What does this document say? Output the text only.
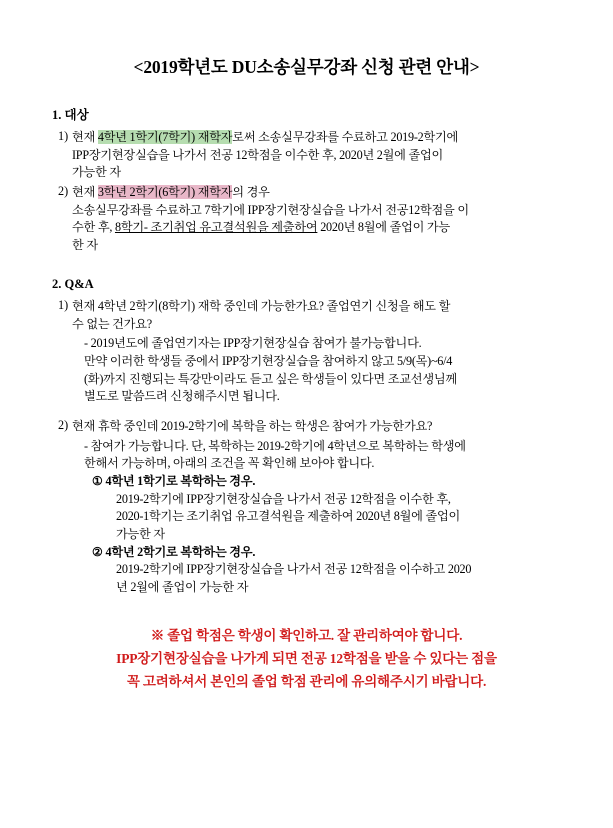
<2019학년도 DU소송실무강좌 신청 관련 안내>
1. 대상
1) 현재 4학년 1학기(7학기) 재학자로써 소송실무강좌를 수료하고 2019-2학기에
IPP장기현장실습을 나가서 전공 12학점을 이수한 후, 2020년 2월에 졸업이
가능한 자
2) 현재 3학년 2학기(6학기) 재학자의 경우
소송실무강좌를 수료하고 7학기에 IPP장기현장실습을 나가서 전공12학점을 이
수한 후, 8학기- 조기취업 유고결석원을 제출하여 2020년 8월에 졸업이 가능
한 자
2. Q&A
1) 현재 4학년 2학기(8학기) 재학 중인데 가능한가요? 졸업연기 신청을 해도 할
수 없는 건가요?
- 2019년도에 졸업연기자는 IPP장기현장실습 참여가 불가능합니다.
만약 이러한 학생들 중에서 IPP장기현장실습을 참여하지 않고 5/9(목)~6/4
(화)까지 진행되는 특강만이라도 듣고 싶은 학생들이 있다면 조교선생님께
별도로 말씀드려 신청해주시면 됩니다.
2) 현재 휴학 중인데 2019-2학기에 복학을 하는 학생은 참여가 가능한가요?
- 참여가 가능합니다. 단, 복학하는 2019-2학기에 4학년으로 복학하는 학생에
한해서 가능하며, 아래의 조건을 꼭 확인해 보아야 합니다.
① 4학년 1학기로 복학하는 경우.
2019-2학기에 IPP장기현장실습을 나가서 전공 12학점을 이수한 후,
2020-1학기는 조기취업 유고결석원을 제출하여 2020년 8월에 졸업이
가능한 자
② 4학년 2학기로 복학하는 경우.
2019-2학기에 IPP장기현장실습을 나가서 전공 12학점을 이수하고 2020
년 2월에 졸업이 가능한 자
※ 졸업 학점은 학생이 확인하고. 잘 관리하여야 합니다.
IPP장기현장실습을 나가게 되면 전공 12학점을 받을 수 있다는 점을
꼭 고려하셔서 본인의 졸업 학점 관리에 유의해주시기 바랍니다.
